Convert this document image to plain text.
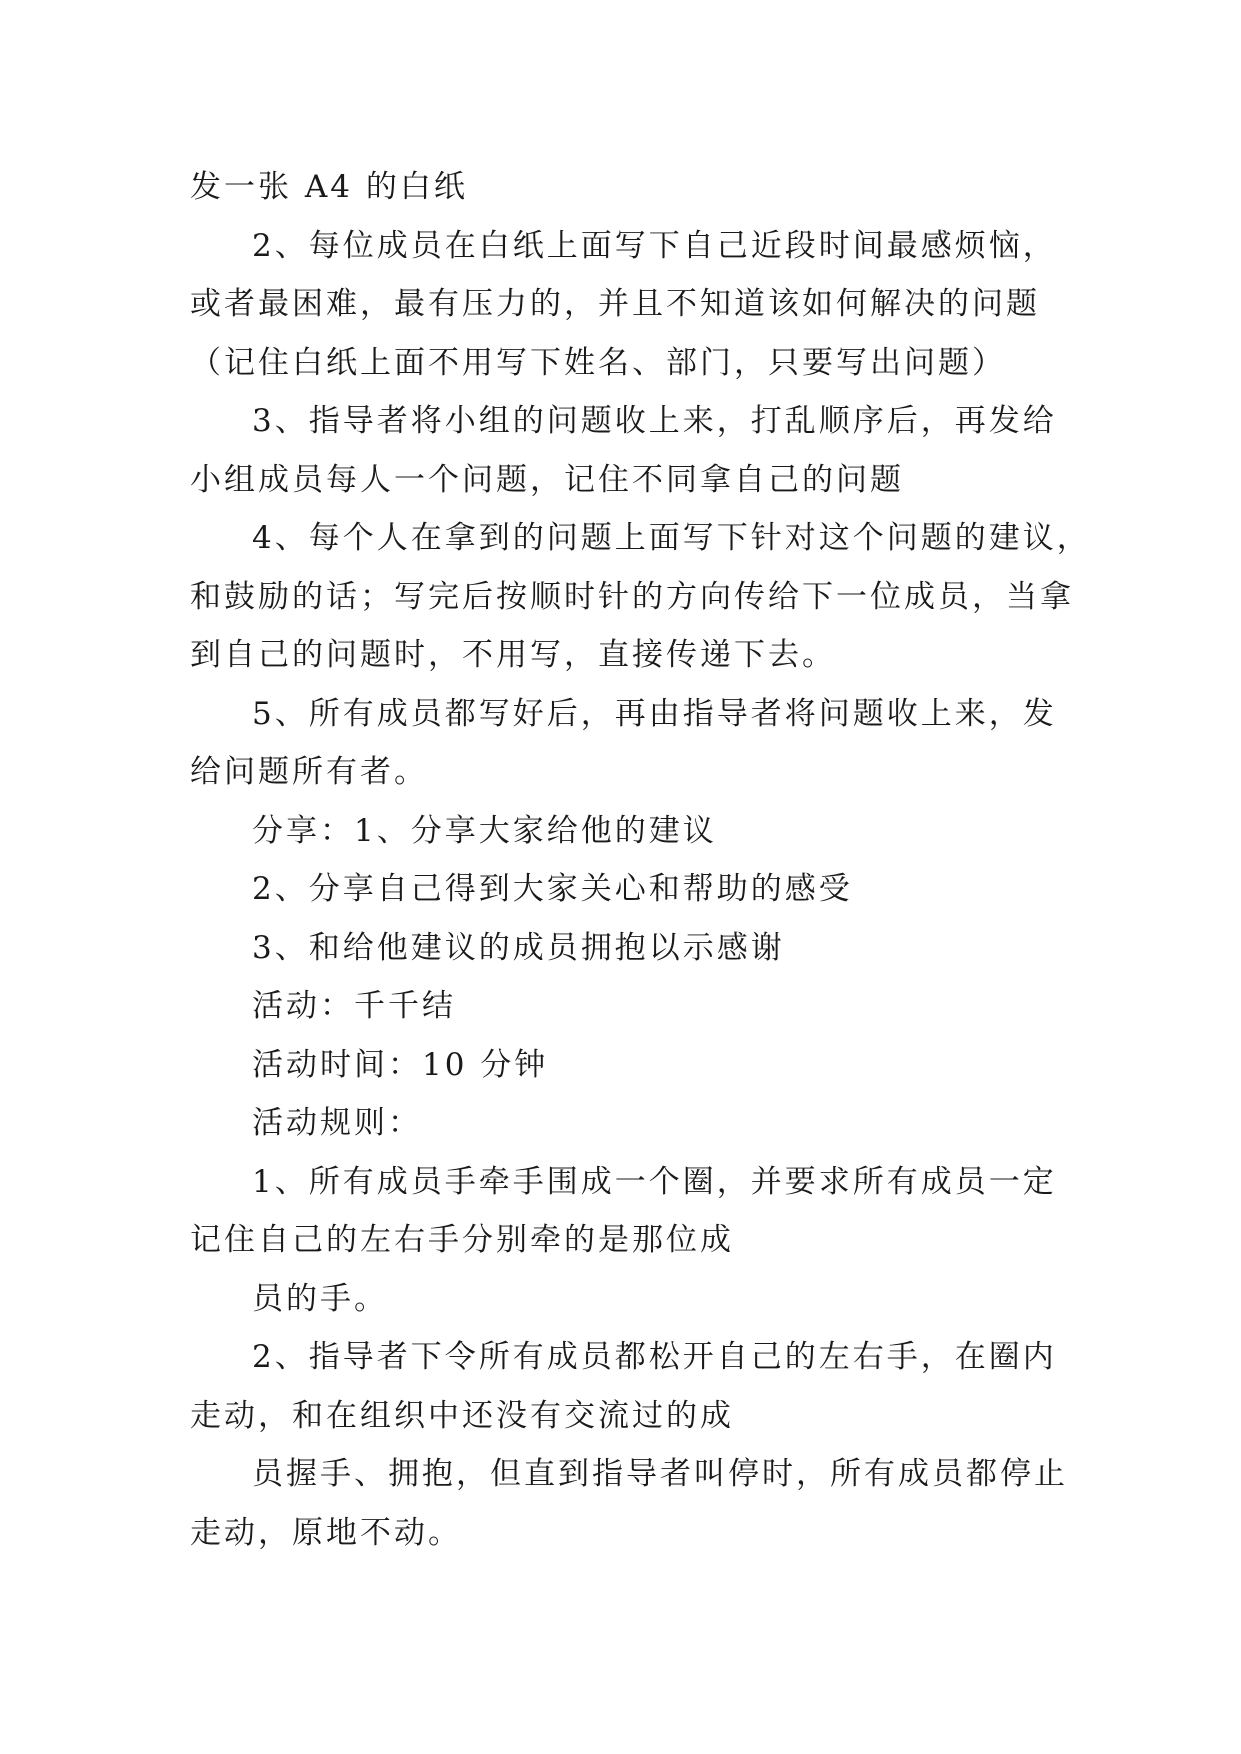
发一张 A4 的白纸
2、每位成员在白纸上面写下自己近段时间最感烦恼，
或者最困难，最有压力的，并且不知道该如何解决的问题
（记住白纸上面不用写下姓名、部门，只要写出问题）
3、指导者将小组的问题收上来，打乱顺序后，再发给
小组成员每人一个问题，记住不同拿自己的问题
4、每个人在拿到的问题上面写下针对这个问题的建议，
和鼓励的话；写完后按顺时针的方向传给下一位成员，当拿
到自己的问题时，不用写，直接传递下去。
5、所有成员都写好后，再由指导者将问题收上来，发
给问题所有者。
分享：1、分享大家给他的建议
2、分享自己得到大家关心和帮助的感受
3、和给他建议的成员拥抱以示感谢
活动：千千结
活动时间：10 分钟
活动规则：
1、所有成员手牵手围成一个圈，并要求所有成员一定
记住自己的左右手分别牵的是那位成
员的手。
2、指导者下令所有成员都松开自己的左右手，在圈内
走动，和在组织中还没有交流过的成
员握手、拥抱，但直到指导者叫停时，所有成员都停止
走动，原地不动。
